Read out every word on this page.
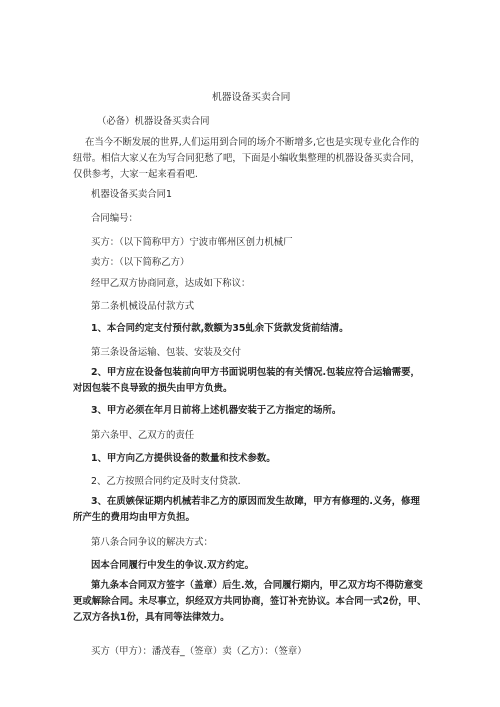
机器设备买卖合同
（必备）机器设备买卖合同
在当今不断发展的世界,人们运用到合同的场介不断增多,它也是实现专业化合作的纽带。相信大家乂在为写合同犯愁了吧，下面是小编收集整理的机器设备买卖合同，仅供参考，大家一起来看看吧.
机器设备买卖合同1
合同编号：
买方：（以下简称甲方）宁波市郸州区创力机械厂
卖方：（以下简称乙方）
经甲乙双方协商同意，达成如下称议：
第二条机械设品付款方式
1、本合同约定支付预付款,数额为35虬余下货款发货前结清。
第三条设备运输、包装、安装及交付
2、甲方应在设备包装前向甲方书面说明包装的有关情况.包装应符合运输需要，对因包装不良导致的损失由甲方负贵。
3、甲方必须在年月日前将上述机器安装于乙方指定的场所。
第六条甲、乙双方的责任
1、甲方向乙方提供设备的数量和技术参数。
2、乙方按照合同约定及时支付贷款.
3、在质嫉保证期内机械若非乙方的原因而发生故障，甲方有修理的.义务，修理所产生的费用均由甲方负担。
第八条合同争议的解决方式：
因本合同履行中发生的争议.双方约定。
第九条本合同双方签字（盖章）后生.效，合同履行期内，甲乙双方均不得防意变更或解除合同。未尽事立，织经双方共同协商，签订补充协议。本合同一式2份，甲、乙双方各执1份，具有同等法律效力。
买方（甲方）：潘茂春_（签章）卖（乙方）：（签章）
